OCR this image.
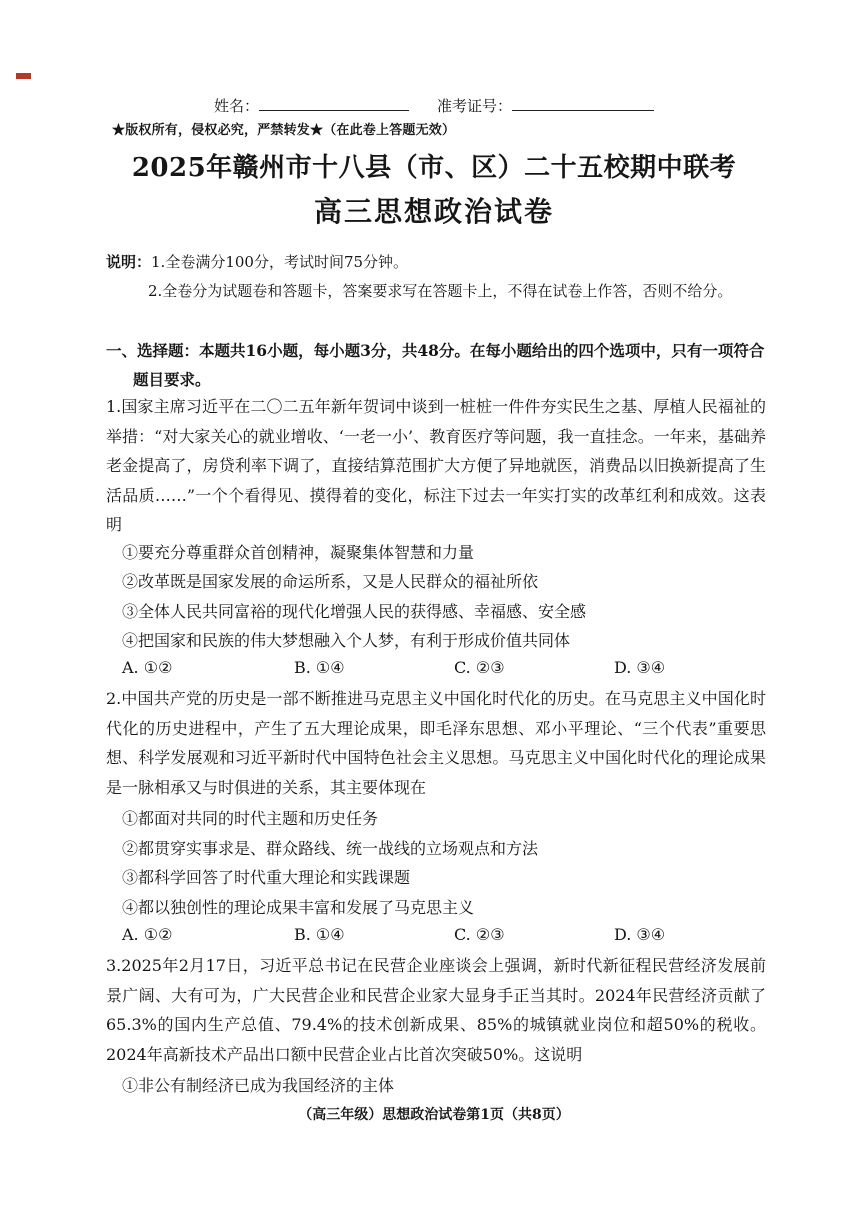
姓名：	准考证号：
★版权所有，侵权必究，严禁转发★（在此卷上答题无效）
2025年赣州市十八县（市、区）二十五校期中联考
高三思想政治试卷
说明：1.全卷满分100分，考试时间75分钟。
2.全卷分为试题卷和答题卡，答案要求写在答题卡上，不得在试卷上作答，否则不给分。
一、选择题：本题共16小题，每小题3分，共48分。在每小题给出的四个选项中，只有一项符合
题目要求。
1.国家主席习近平在二〇二五年新年贺词中谈到一桩桩一件件夯实民生之基、厚植人民福祉的举措：“对大家关心的就业增收、‘一老一小’、教育医疗等问题，我一直挂念。一年来，基础养老金提高了，房贷利率下调了，直接结算范围扩大方便了异地就医，消费品以旧换新提高了生活品质……”一个个看得见、摸得着的变化，标注下过去一年实打实的改革红利和成效。这表明
①要充分尊重群众首创精神，凝聚集体智慧和力量
②改革既是国家发展的命运所系，又是人民群众的福祉所依
③全体人民共同富裕的现代化增强人民的获得感、幸福感、安全感
④把国家和民族的伟大梦想融入个人梦，有利于形成价值共同体
A. ①②	B. ①④	C. ②③	D. ③④
2.中国共产党的历史是一部不断推进马克思主义中国化时代化的历史。在马克思主义中国化时代化的历史进程中，产生了五大理论成果，即毛泽东思想、邓小平理论、“三个代表”重要思想、科学发展观和习近平新时代中国特色社会主义思想。马克思主义中国化时代化的理论成果是一脉相承又与时俱进的关系，其主要体现在
①都面对共同的时代主题和历史任务
②都贯穿实事求是、群众路线、统一战线的立场观点和方法
③都科学回答了时代重大理论和实践课题
④都以独创性的理论成果丰富和发展了马克思主义
A. ①②	B. ①④	C. ②③	D. ③④
3.2025年2月17日，习近平总书记在民营企业座谈会上强调，新时代新征程民营经济发展前景广阔、大有可为，广大民营企业和民营企业家大显身手正当其时。2024年民营经济贡献了65.3%的国内生产总值、79.4%的技术创新成果、85%的城镇就业岗位和超50%的税收。2024年高新技术产品出口额中民营企业占比首次突破50%。这说明
①非公有制经济已成为我国经济的主体
（高三年级）思想政治试卷第1页（共8页）
